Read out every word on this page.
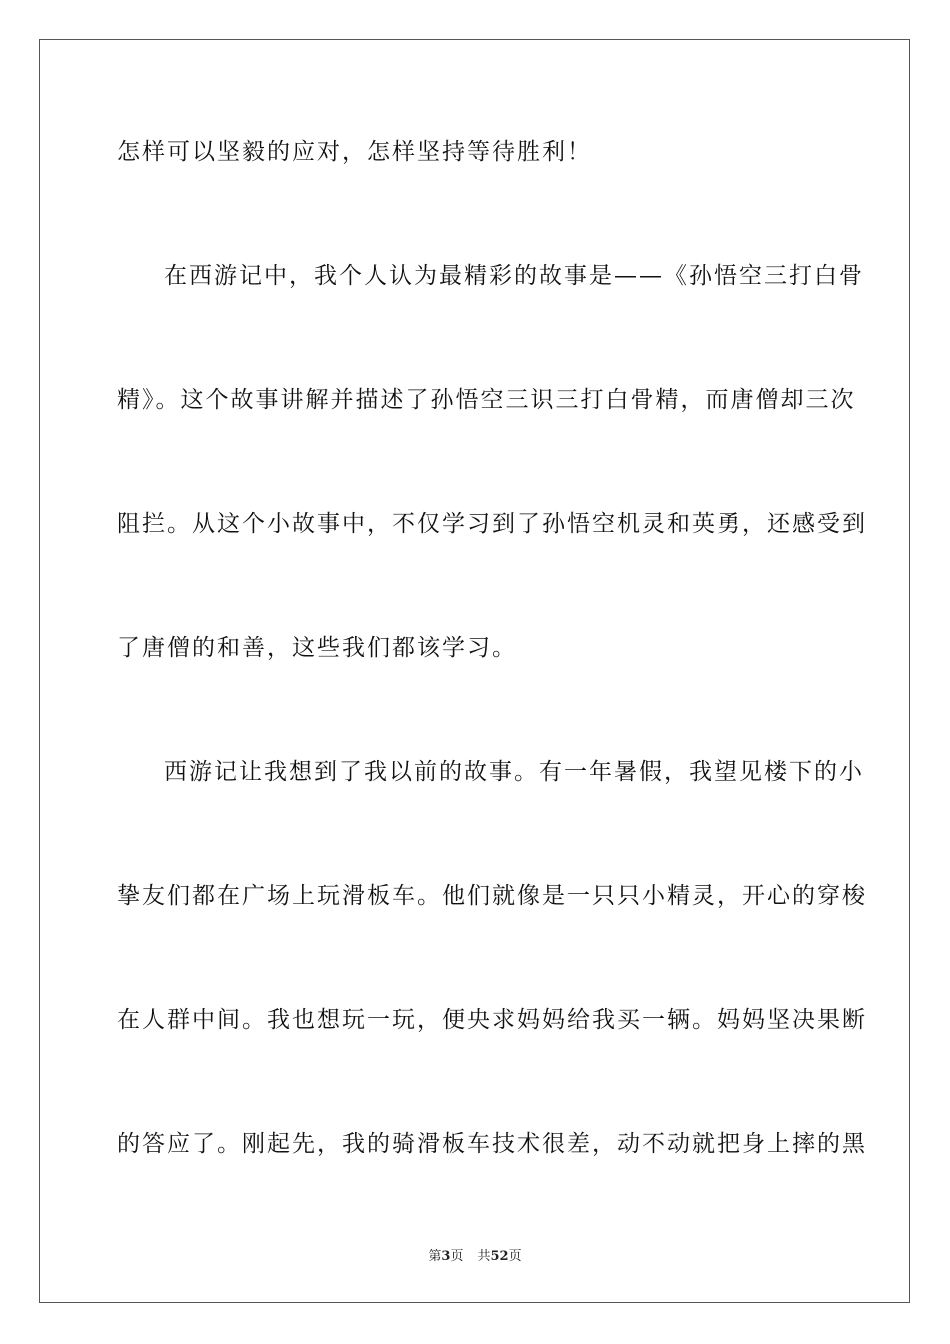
怎样可以坚毅的应对，怎样坚持等待胜利！
在西游记中，我个人认为最精彩的故事是——《孙悟空三打白骨
精》。这个故事讲解并描述了孙悟空三识三打白骨精，而唐僧却三次
阻拦。从这个小故事中，不仅学习到了孙悟空机灵和英勇，还感受到
了唐僧的和善，这些我们都该学习。
西游记让我想到了我以前的故事。有一年暑假，我望见楼下的小
挚友们都在广场上玩滑板车。他们就像是一只只小精灵，开心的穿梭
在人群中间。我也想玩一玩，便央求妈妈给我买一辆。妈妈坚决果断
的答应了。刚起先，我的骑滑板车技术很差，动不动就把身上摔的黑
第3页 共52页
